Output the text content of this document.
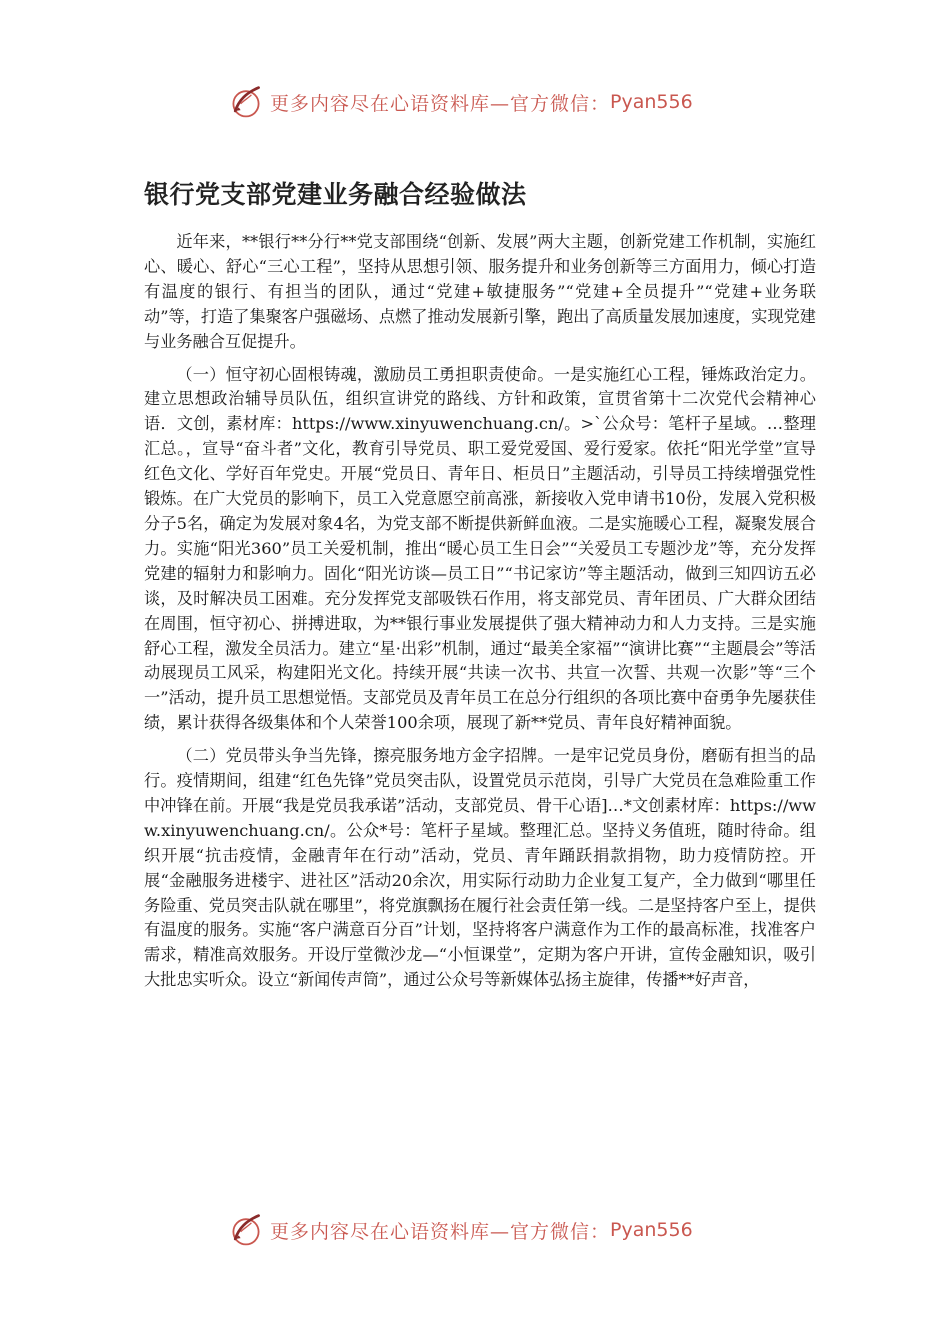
更多内容尽在心语资料库—官方微信： Pyan556
银行党支部党建业务融合经验做法

近年来，**银行**分行**党支部围绕“创新、发展”两大主题，创新党建工作机制，实施红心、暖心、舒心“三心工程”，坚持从思想引领、服务提升和业务创新等三方面用力，倾心打造有温度的银行、有担当的团队，通过“党建+敏捷服务”“党建+全员提升”“党建+业务联动”等，打造了集聚客户强磁场、点燃了推动发展新引擎，跑出了高质量发展加速度，实现党建与业务融合互促提升。

（一）恒守初心固根铸魂，激励员工勇担职责使命。一是实施红心工程，锤炼政治定力。建立思想政治辅导员队伍，组织宣讲党的路线、方针和政策，宣贯省第十二次党代会精神心语．文创，素材库：https://www.xinyuwenchuang.cn/。>`公众号：笔杆子星域。…整理汇总。，宣导“奋斗者”文化，教育引导党员、职工爱党爱国、爱行爱家。依托“阳光学堂”宣导红色文化、学好百年党史。开展“党员日、青年日、柜员日”主题活动，引导员工持续增强党性锻炼。在广大党员的影响下，员工入党意愿空前高涨，新接收入党申请书10份，发展入党积极分子5名，确定为发展对象4名，为党支部不断提供新鲜血液。二是实施暖心工程，凝聚发展合力。实施“阳光360”员工关爱机制，推出“暖心员工生日会”“关爱员工专题沙龙”等，充分发挥党建的辐射力和影响力。固化“阳光访谈—员工日”“书记家访”等主题活动，做到三知四访五必谈，及时解决员工困难。充分发挥党支部吸铁石作用，将支部党员、青年团员、广大群众团结在周围，恒守初心、拼搏进取，为**银行事业发展提供了强大精神动力和人力支持。三是实施舒心工程，激发全员活力。建立“星·出彩”机制，通过“最美全家福”“演讲比赛”“主题晨会”等活动展现员工风采，构建阳光文化。持续开展“共读一次书、共宣一次誓、共观一次影”等“三个一”活动，提升员工思想觉悟。支部党员及青年员工在总分行组织的各项比赛中奋勇争先屡获佳绩，累计获得各级集体和个人荣誉100余项，展现了新**党员、青年良好精神面貌。

（二）党员带头争当先锋，擦亮服务地方金字招牌。一是牢记党员身份，磨砺有担当的品行。疫情期间，组建“红色先锋”党员突击队，设置党员示范岗，引导广大党员在急难险重工作中冲锋在前。开展“我是党员我承诺”活动，支部党员、骨干心语]…*文创素材库：https://www.xinyuwenchuang.cn/。公众*号：笔杆子星域。整理汇总。坚持义务值班，随时待命。组织开展“抗击疫情，金融青年在行动”活动，党员、青年踊跃捐款捐物，助力疫情防控。开展“金融服务进楼宇、进社区”活动20余次，用实际行动助力企业复工复产，全力做到“哪里任务险重、党员突击队就在哪里”，将党旗飘扬在履行社会责任第一线。二是坚持客户至上，提供有温度的服务。实施“客户满意百分百”计划，坚持将客户满意作为工作的最高标准，找准客户需求，精准高效服务。开设厅堂微沙龙—“小恒课堂”，定期为客户开讲，宣传金融知识，吸引大批忠实听众。设立“新闻传声筒”，通过公众号等新媒体弘扬主旋律，传播**好声音，

更多内容尽在心语资料库—官方微信： Pyan556
